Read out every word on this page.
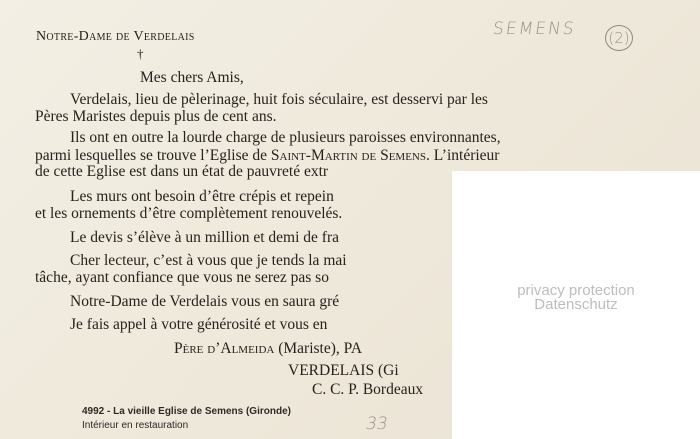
Notre-Dame de Verdelais
†
SEMENS (2)
Mes chers Amis,
Verdelais, lieu de pèlerinage, huit fois séculaire, est desservi par les
Pères Maristes depuis plus de cent ans.
Ils ont en outre la lourde charge de plusieurs paroisses environnantes,
parmi lesquelles se trouve l’Eglise de Saint-Martin de Semens. L’intérieur
de cette Eglise est dans un état de pauvreté extr
Les murs ont besoin d’être crépis et repein
et les ornements d’être complètement renouvelés.
Le devis s’élève à un million et demi de fra
Cher lecteur, c’est à vous que je tends la mai
tâche, ayant confiance que vous ne serez pas so
Notre-Dame de Verdelais vous en saura gré
Je fais appel à votre générosité et vous en
Père d’Almeida (Mariste), PA
VERDELAIS (Gi
C. C. P. Bordeaux
4992 - La vieille Eglise de Semens (Gironde)
Intérieur en restauration	33
privacy protection
Datenschutz
